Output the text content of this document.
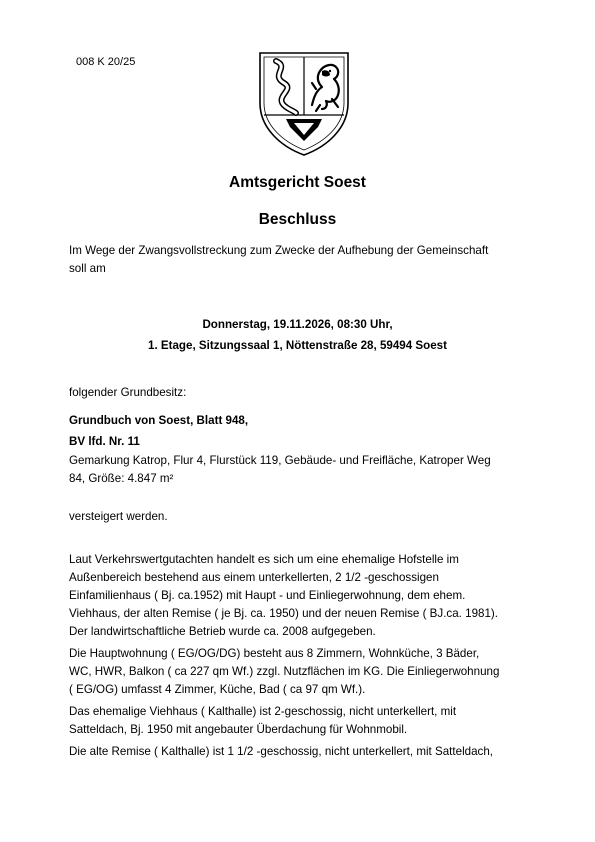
008 K 20/25
Amtsgericht Soest
Beschluss

Im Wege der Zwangsvollstreckung zum Zwecke der Aufhebung der Gemeinschaft

soll am

Donnerstag, 19.11.2026, 08:30 Uhr,
1. Etage, Sitzungssaal 1, Nöttenstraße 28, 59494 Soest
folgender Grundbesitz:
Grundbuch von Soest, Blatt 948,
BV lfd. Nr. 11
Gemarkung Katrop, Flur 4, Flurstück 119, Gebäude- und Freifläche, Katroper Weg
84, Größe: 4.847 m²
versteigert werden.

Laut Verkehrswertgutachten handelt es sich um eine ehemalige Hofstelle im
Außenbereich bestehend aus einem unterkellerten, 2 1/2 -geschossigen
Einfamilienhaus ( Bj. ca.1952) mit Haupt - und Einliegerwohnung, dem ehem.
Viehhaus, der alten Remise ( je Bj. ca. 1950) und der neuen Remise ( BJ.ca. 1981).
Der landwirtschaftliche Betrieb wurde ca. 2008 aufgegeben.

Die Hauptwohnung ( EG/OG/DG) besteht aus 8 Zimmern, Wohnküche, 3 Bäder,
WC, HWR, Balkon ( ca 227 qm Wf.) zzgl. Nutzflächen im KG. Die Einliegerwohnung
( EG/OG) umfasst 4 Zimmer, Küche, Bad ( ca 97 qm Wf.).

Das ehemalige Viehhaus ( Kalthalle) ist 2-geschossig, nicht unterkellert, mit
Satteldach, Bj. 1950 mit angebauter Überdachung für Wohnmobil.

Die alte Remise ( Kalthalle) ist 1 1/2 -geschossig, nicht unterkellert, mit Satteldach,
